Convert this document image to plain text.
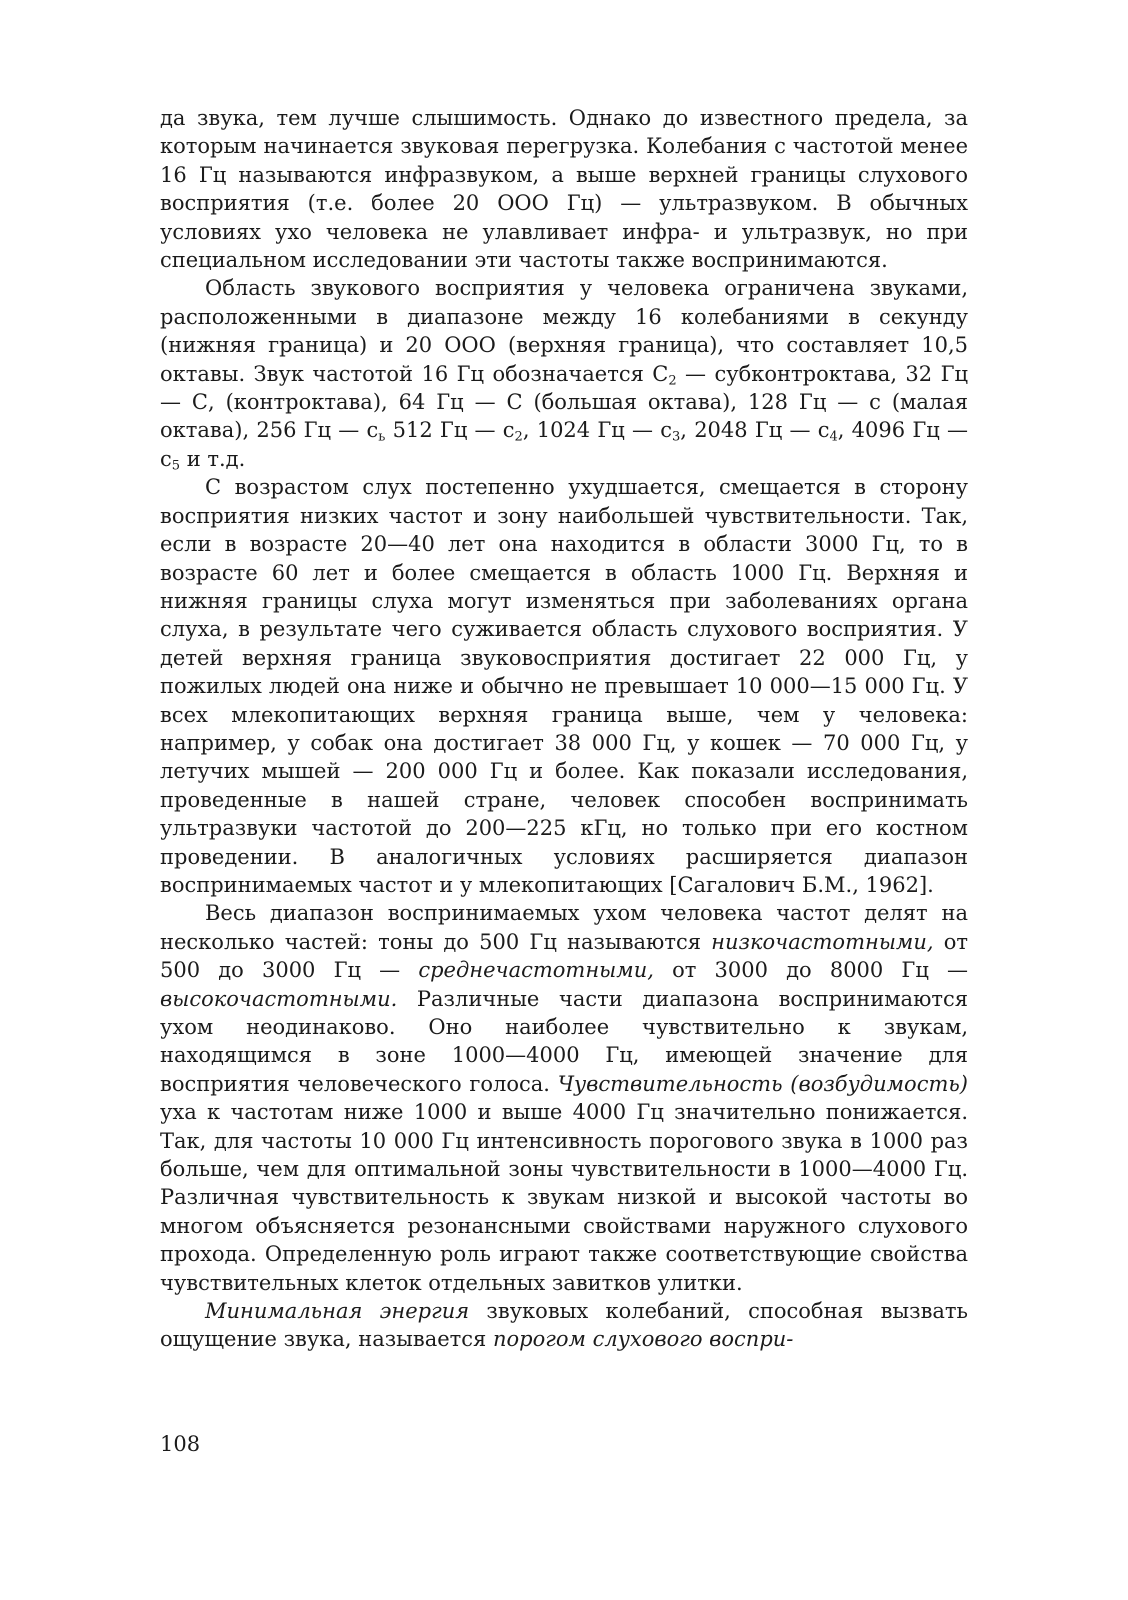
да звука, тем лучше слышимость. Однако до известного предела, за которым начинается звуковая перегрузка. Колебания с частотой менее 16 Гц называются инфразвуком, а выше верхней границы слухового восприятия (т.е. более 20 ООО Гц) — ультразвуком. В обычных условиях ухо человека не улавливает инфра- и ультразвук, но при специальном исследовании эти частоты также воспринимаются.

Область звукового восприятия у человека ограничена звуками, расположенными в диапазоне между 16 колебаниями в секунду (нижняя граница) и 20 ООО (верхняя граница), что составляет 10,5 октавы. Звук частотой 16 Гц обозначается $С_2$ — субконтроктава, 32 Гц — С, (контроктава), 64 Гц — С (большая октава), 128 Гц — с (малая октава), 256 Гц — $с_ь$ 512 Гц — $с_2$, 1024 Гц — $с_3$, 2048 Гц — $с_4$, 4096 Гц — $с_5$ и т.д.

С возрастом слух постепенно ухудшается, смещается в сторону восприятия низких частот и зону наибольшей чувствительности. Так, если в возрасте 20—40 лет она находится в области 3000 Гц, то в возрасте 60 лет и более смещается в область 1000 Гц. Верхняя и нижняя границы слуха могут изменяться при заболеваниях органа слуха, в результате чего суживается область слухового восприятия. У детей верхняя граница звуковосприятия достигает 22 000 Гц, у пожилых людей она ниже и обычно не превышает 10 000—15 000 Гц. У всех млекопитающих верхняя граница выше, чем у человека: например, у собак она достигает 38 000 Гц, у кошек — 70 000 Гц, у летучих мышей — 200 000 Гц и более. Как показали исследования, проведенные в нашей стране, человек способен воспринимать ультразвуки частотой до 200—225 кГц, но только при его костном проведении. В аналогичных условиях расширяется диапазон воспринимаемых частот и у млекопитающих [Сагалович Б.М., 1962].

Весь диапазон воспринимаемых ухом человека частот делят на несколько частей: тоны до 500 Гц называются низкочастотными, от 500 до 3000 Гц — среднечастотными, от 3000 до 8000 Гц — высокочастотными. Различные части диапазона воспринимаются ухом неодинаково. Оно наиболее чувствительно к звукам, находящимся в зоне 1000—4000 Гц, имеющей значение для восприятия человеческого голоса. Чувствительность (возбудимость) уха к частотам ниже 1000 и выше 4000 Гц значительно понижается. Так, для частоты 10 000 Гц интенсивность порогового звука в 1000 раз больше, чем для оптимальной зоны чувствительности в 1000—4000 Гц. Различная чувствительность к звукам низкой и высокой частоты во многом объясняется резонансными свойствами наружного слухового прохода. Определенную роль играют также соответствующие свойства чувствительных клеток отдельных завитков улитки.

Минимальная энергия звуковых колебаний, способная вызвать ощущение звука, называется порогом слухового воспри-

108
